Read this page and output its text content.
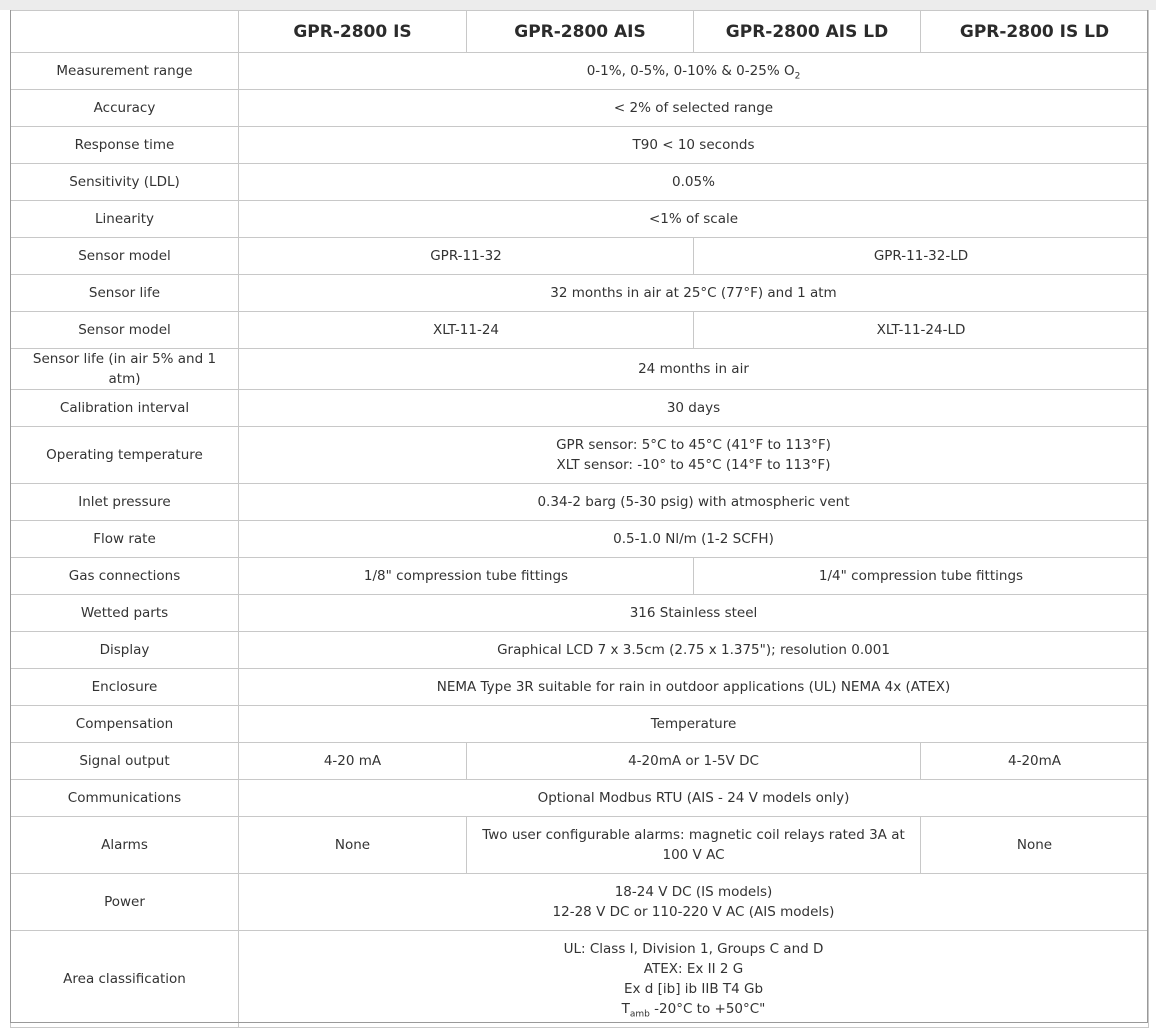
	GPR-2800 IS	GPR-2800 AIS	GPR-2800 AIS LD	GPR-2800 IS LD
Measurement range	0-1%, 0-5%, 0-10% & 0-25% $O_2$
Accuracy	< 2% of selected range			
Response time	T90 < 10 seconds			
Sensitivity (LDL)	0.05%			
Linearity	<1% of scale			
Sensor model	GPR-11-32		GPR-11-32-LD	
Sensor life	32 months in air at 25°C (77°F) and 1 atm			
Sensor model	XLT-11-24		XLT-11-24-LD	
Sensor life (in air 5% and 1 atm)	24 months in air			
Calibration interval	30 days			
Operating temperature	GPR sensor: 5°C to 45°C (41°F to 113°F)
XLT sensor: -10° to 45°C (14°F to 113°F)			

Inlet pressure	0.34-2 barg (5-30 psig) with atmospheric vent			
Flow rate	0.5-1.0 Nl/m (1-2 SCFH)			
Gas connections	1/8" compression tube fittings		1/4" compression tube fittings	
Wetted parts	316 Stainless steel			
Display	Graphical LCD 7 x 3.5cm (2.75 x 1.375"); resolution 0.001			
Enclosure	NEMA Type 3R suitable for rain in outdoor applications (UL) NEMA 4x (ATEX)			
Compensation	Temperature			
Signal output	4-20 mA	4-20mA or 1-5V DC		4-20mA
Communications	Optional Modbus RTU (AIS - 24 V models only)			
Alarms	None	Two user configurable alarms: magnetic coil relays rated 3A at 100 V AC		None
Power	18-24 V DC (IS models)
12-28 V DC or 110-220 V AC (AIS models)			

Area classification	UL: Class I, Division 1, Groups C and D
ATEX: Ex II 2 G
Ex d [ib] ib IIB T4 Gb
$T_{amb}$ -20°C to +50°C"			
